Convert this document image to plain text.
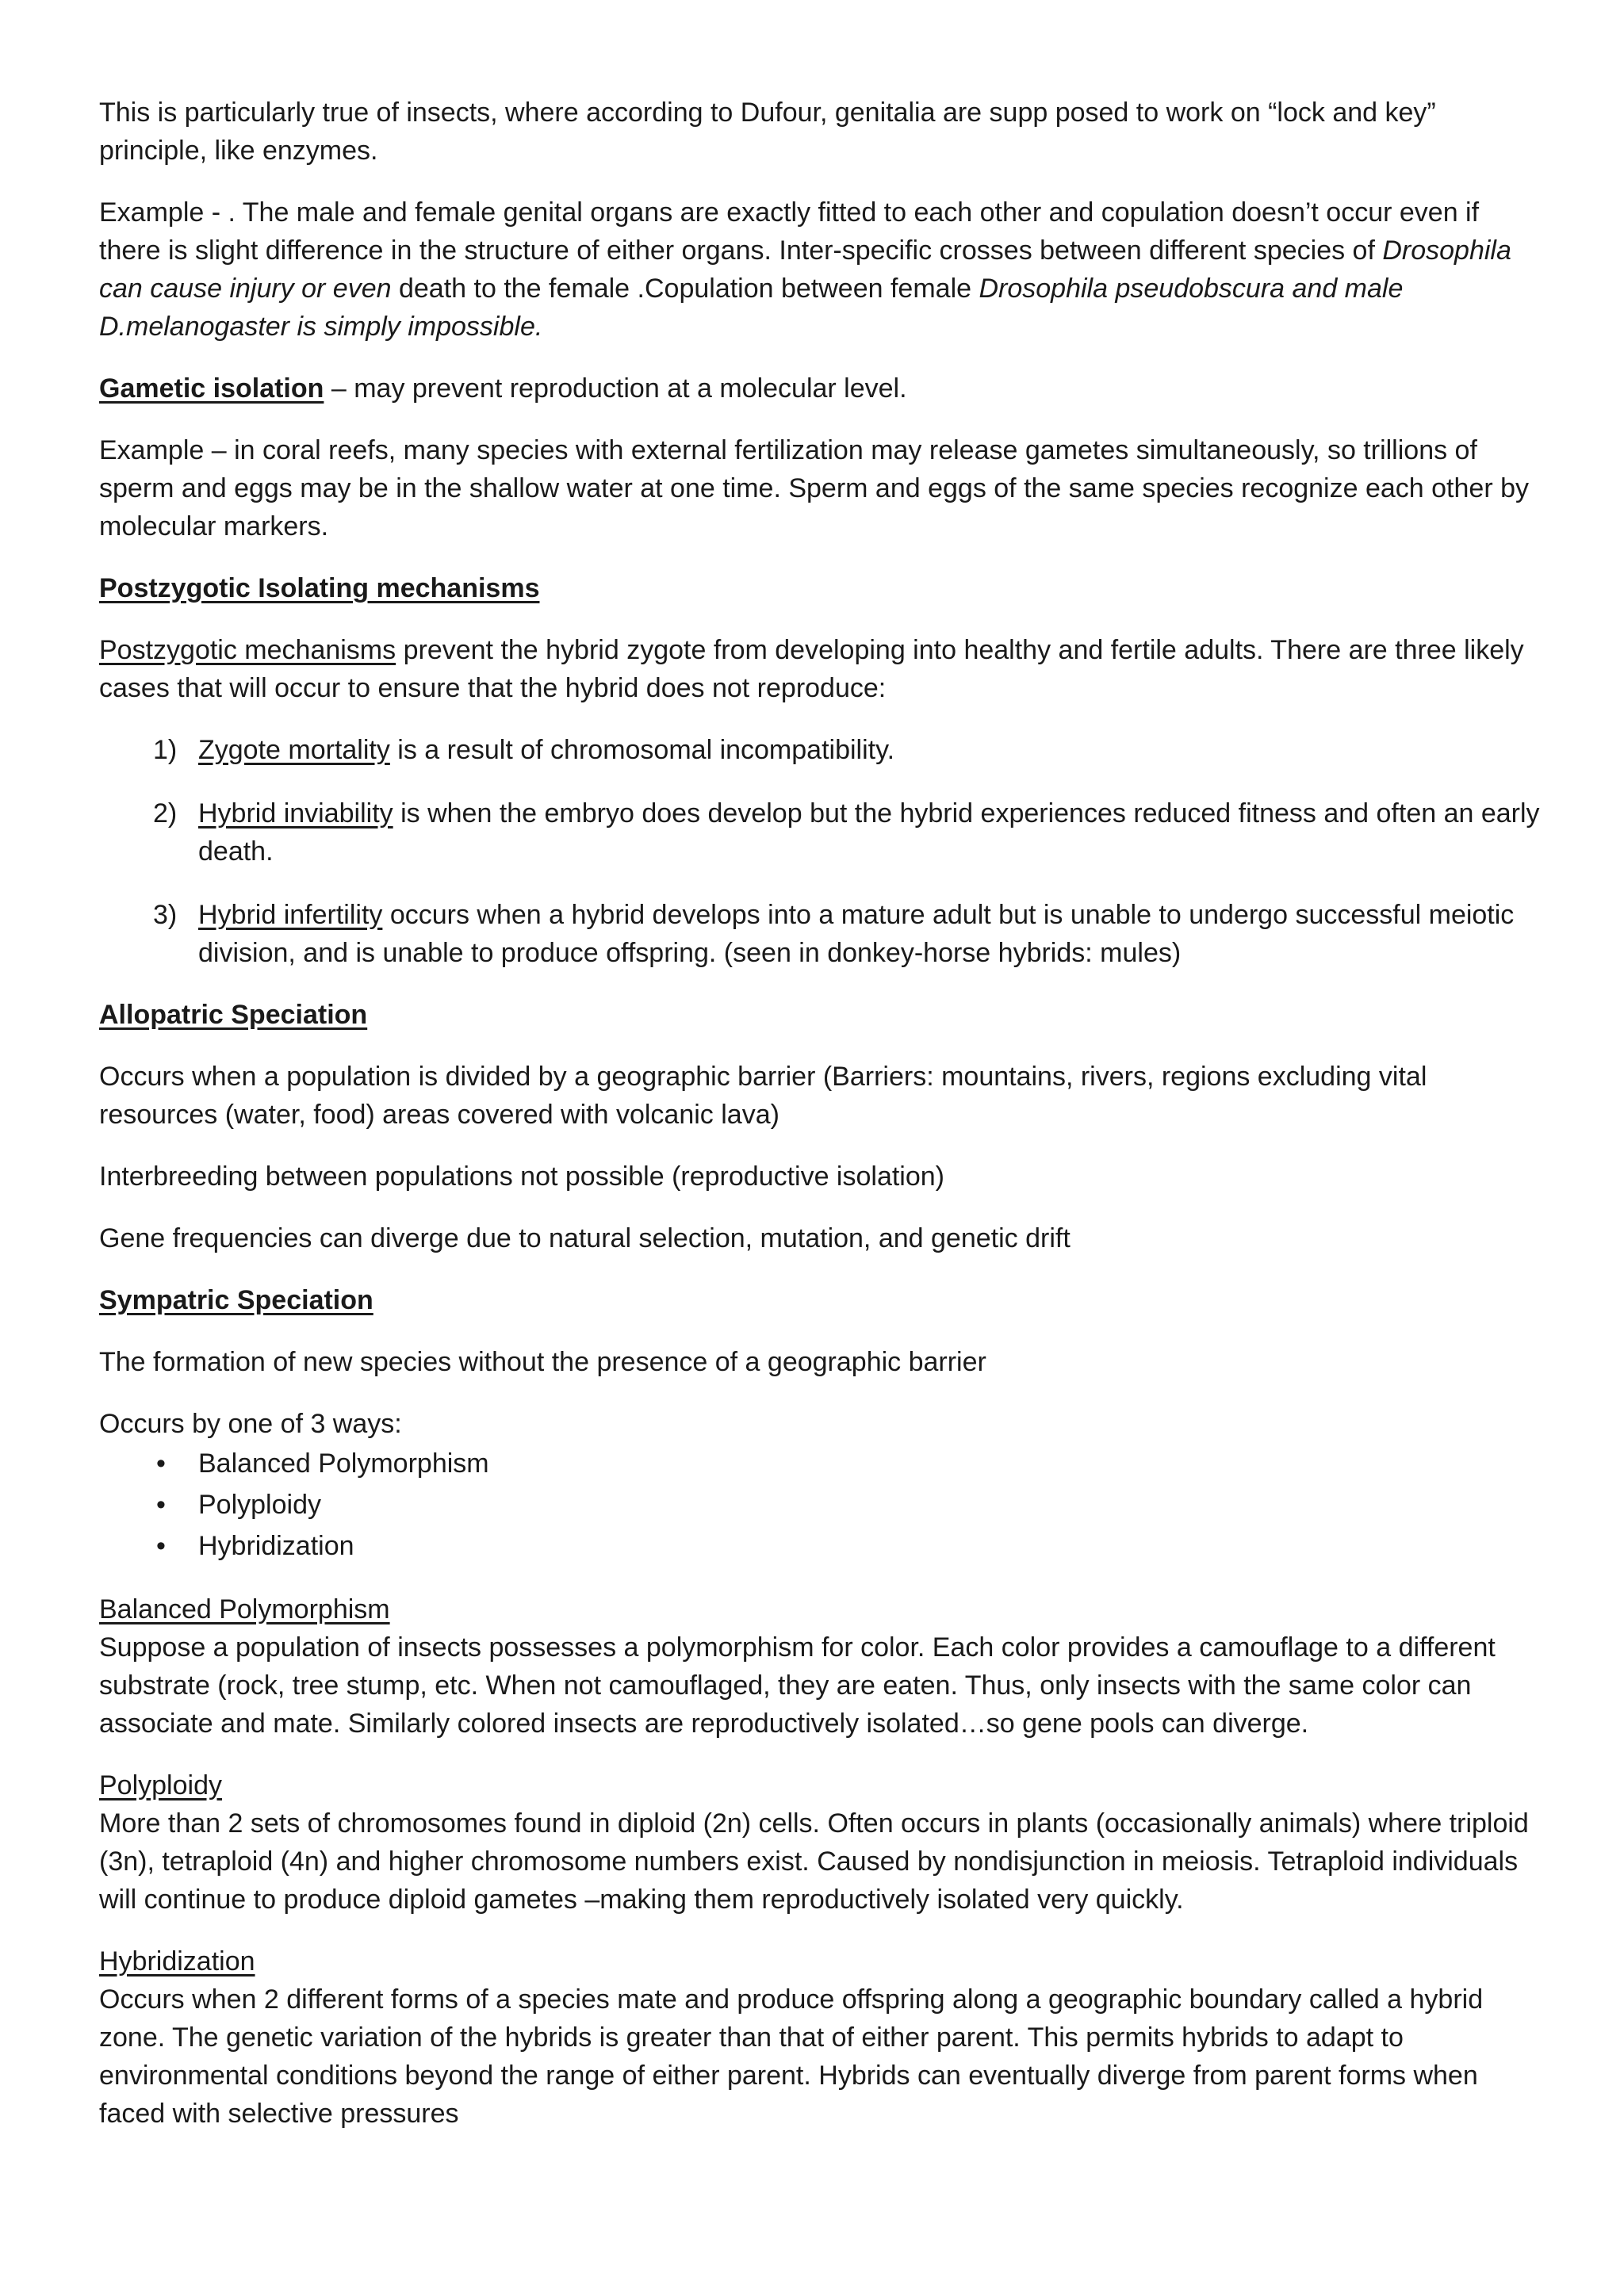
This is particularly true of insects, where according to Dufour, genitalia are supp posed to work on “lock and key” principle, like enzymes.

Example - . The male and female genital organs are exactly fitted to each other and copulation doesn’t occur even if there is slight difference in the structure of either organs. Inter-specific crosses between different species of Drosophila can cause injury or even death to the female .Copulation between female Drosophila pseudobscura and male D.melanogaster is simply impossible.

Gametic isolation – may prevent reproduction at a molecular level.

Example – in coral reefs, many species with external fertilization may release gametes simultaneously, so trillions of sperm and eggs may be in the shallow water at one time. Sperm and eggs of the same species recognize each other by molecular markers.

Postzygotic Isolating mechanisms

Postzygotic mechanisms prevent the hybrid zygote from developing into healthy and fertile adults. There are three likely cases that will occur to ensure that the hybrid does not reproduce:

1) Zygote mortality is a result of chromosomal incompatibility.
2) Hybrid inviability is when the embryo does develop but the hybrid experiences reduced fitness and often an early death.
3) Hybrid infertility occurs when a hybrid develops into a mature adult but is unable to undergo successful meiotic division, and is unable to produce offspring. (seen in donkey-horse hybrids: mules)

Allopatric Speciation

Occurs when a population is divided by a geographic barrier (Barriers: mountains, rivers, regions excluding vital resources (water, food) areas covered with volcanic lava)

Interbreeding between populations not possible (reproductive isolation)

Gene frequencies can diverge due to natural selection, mutation, and genetic drift

Sympatric Speciation

The formation of new species without the presence of a geographic barrier

Occurs by one of 3 ways:

• Balanced Polymorphism
• Polyploidy
• Hybridization
Balanced Polymorphism
Suppose a population of insects possesses a polymorphism for color. Each color provides a camouflage to a different substrate (rock, tree stump, etc. When not camouflaged, they are eaten. Thus, only insects with the same color can associate and mate. Similarly colored insects are reproductively isolated…so gene pools can diverge.
Polyploidy
More than 2 sets of chromosomes found in diploid (2n) cells. Often occurs in plants (occasionally animals) where triploid (3n), tetraploid (4n) and higher chromosome numbers exist. Caused by nondisjunction in meiosis. Tetraploid individuals will continue to produce diploid gametes –making them reproductively isolated very quickly.
Hybridization
Occurs when 2 different forms of a species mate and produce offspring along a geographic boundary called a hybrid zone. The genetic variation of the hybrids is greater than that of either parent. This permits hybrids to adapt to environmental conditions beyond the range of either parent. Hybrids can eventually diverge from parent forms when faced with selective pressures
